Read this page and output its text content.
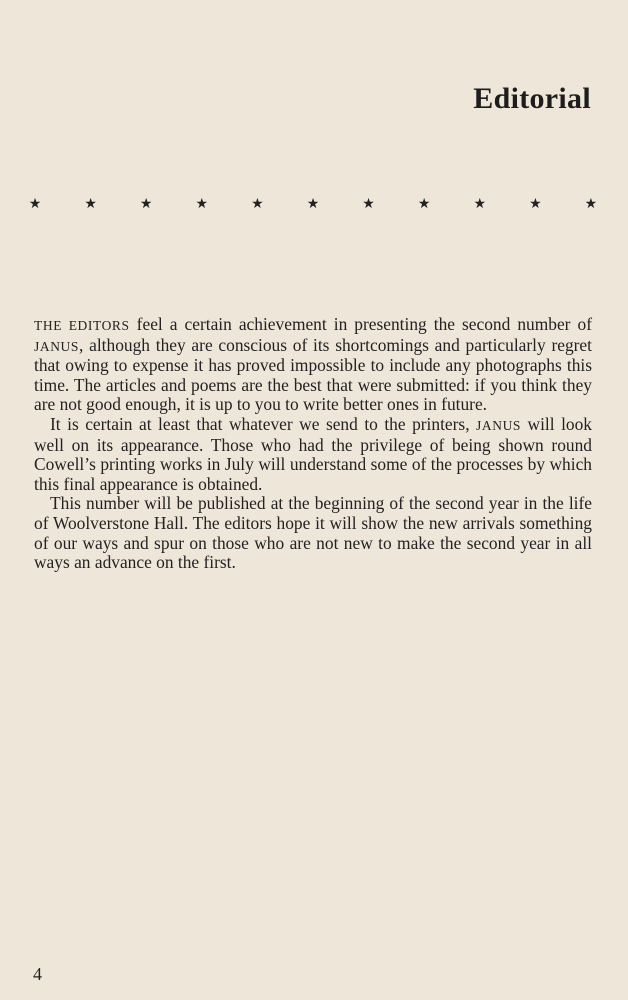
Editorial
★	★	★	★	★	★	★	★	★	★	★

THE EDITORS feel a certain achievement in presenting the second number of JANUS, although they are conscious of its shortcomings and particularly regret that owing to expense it has proved impossible to include any photographs this time. The articles and poems are the best that were submitted: if you think they are not good enough, it is up to you to write better ones in future.

It is certain at least that whatever we send to the printers, JANUS will look well on its appearance. Those who had the privilege of being shown round Cowell’s printing works in July will understand some of the processes by which this final appearance is obtained.

This number will be published at the beginning of the second year in the life of Woolverstone Hall. The editors hope it will show the new arrivals something of our ways and spur on those who are not new to make the second year in all ways an advance on the first.

4
